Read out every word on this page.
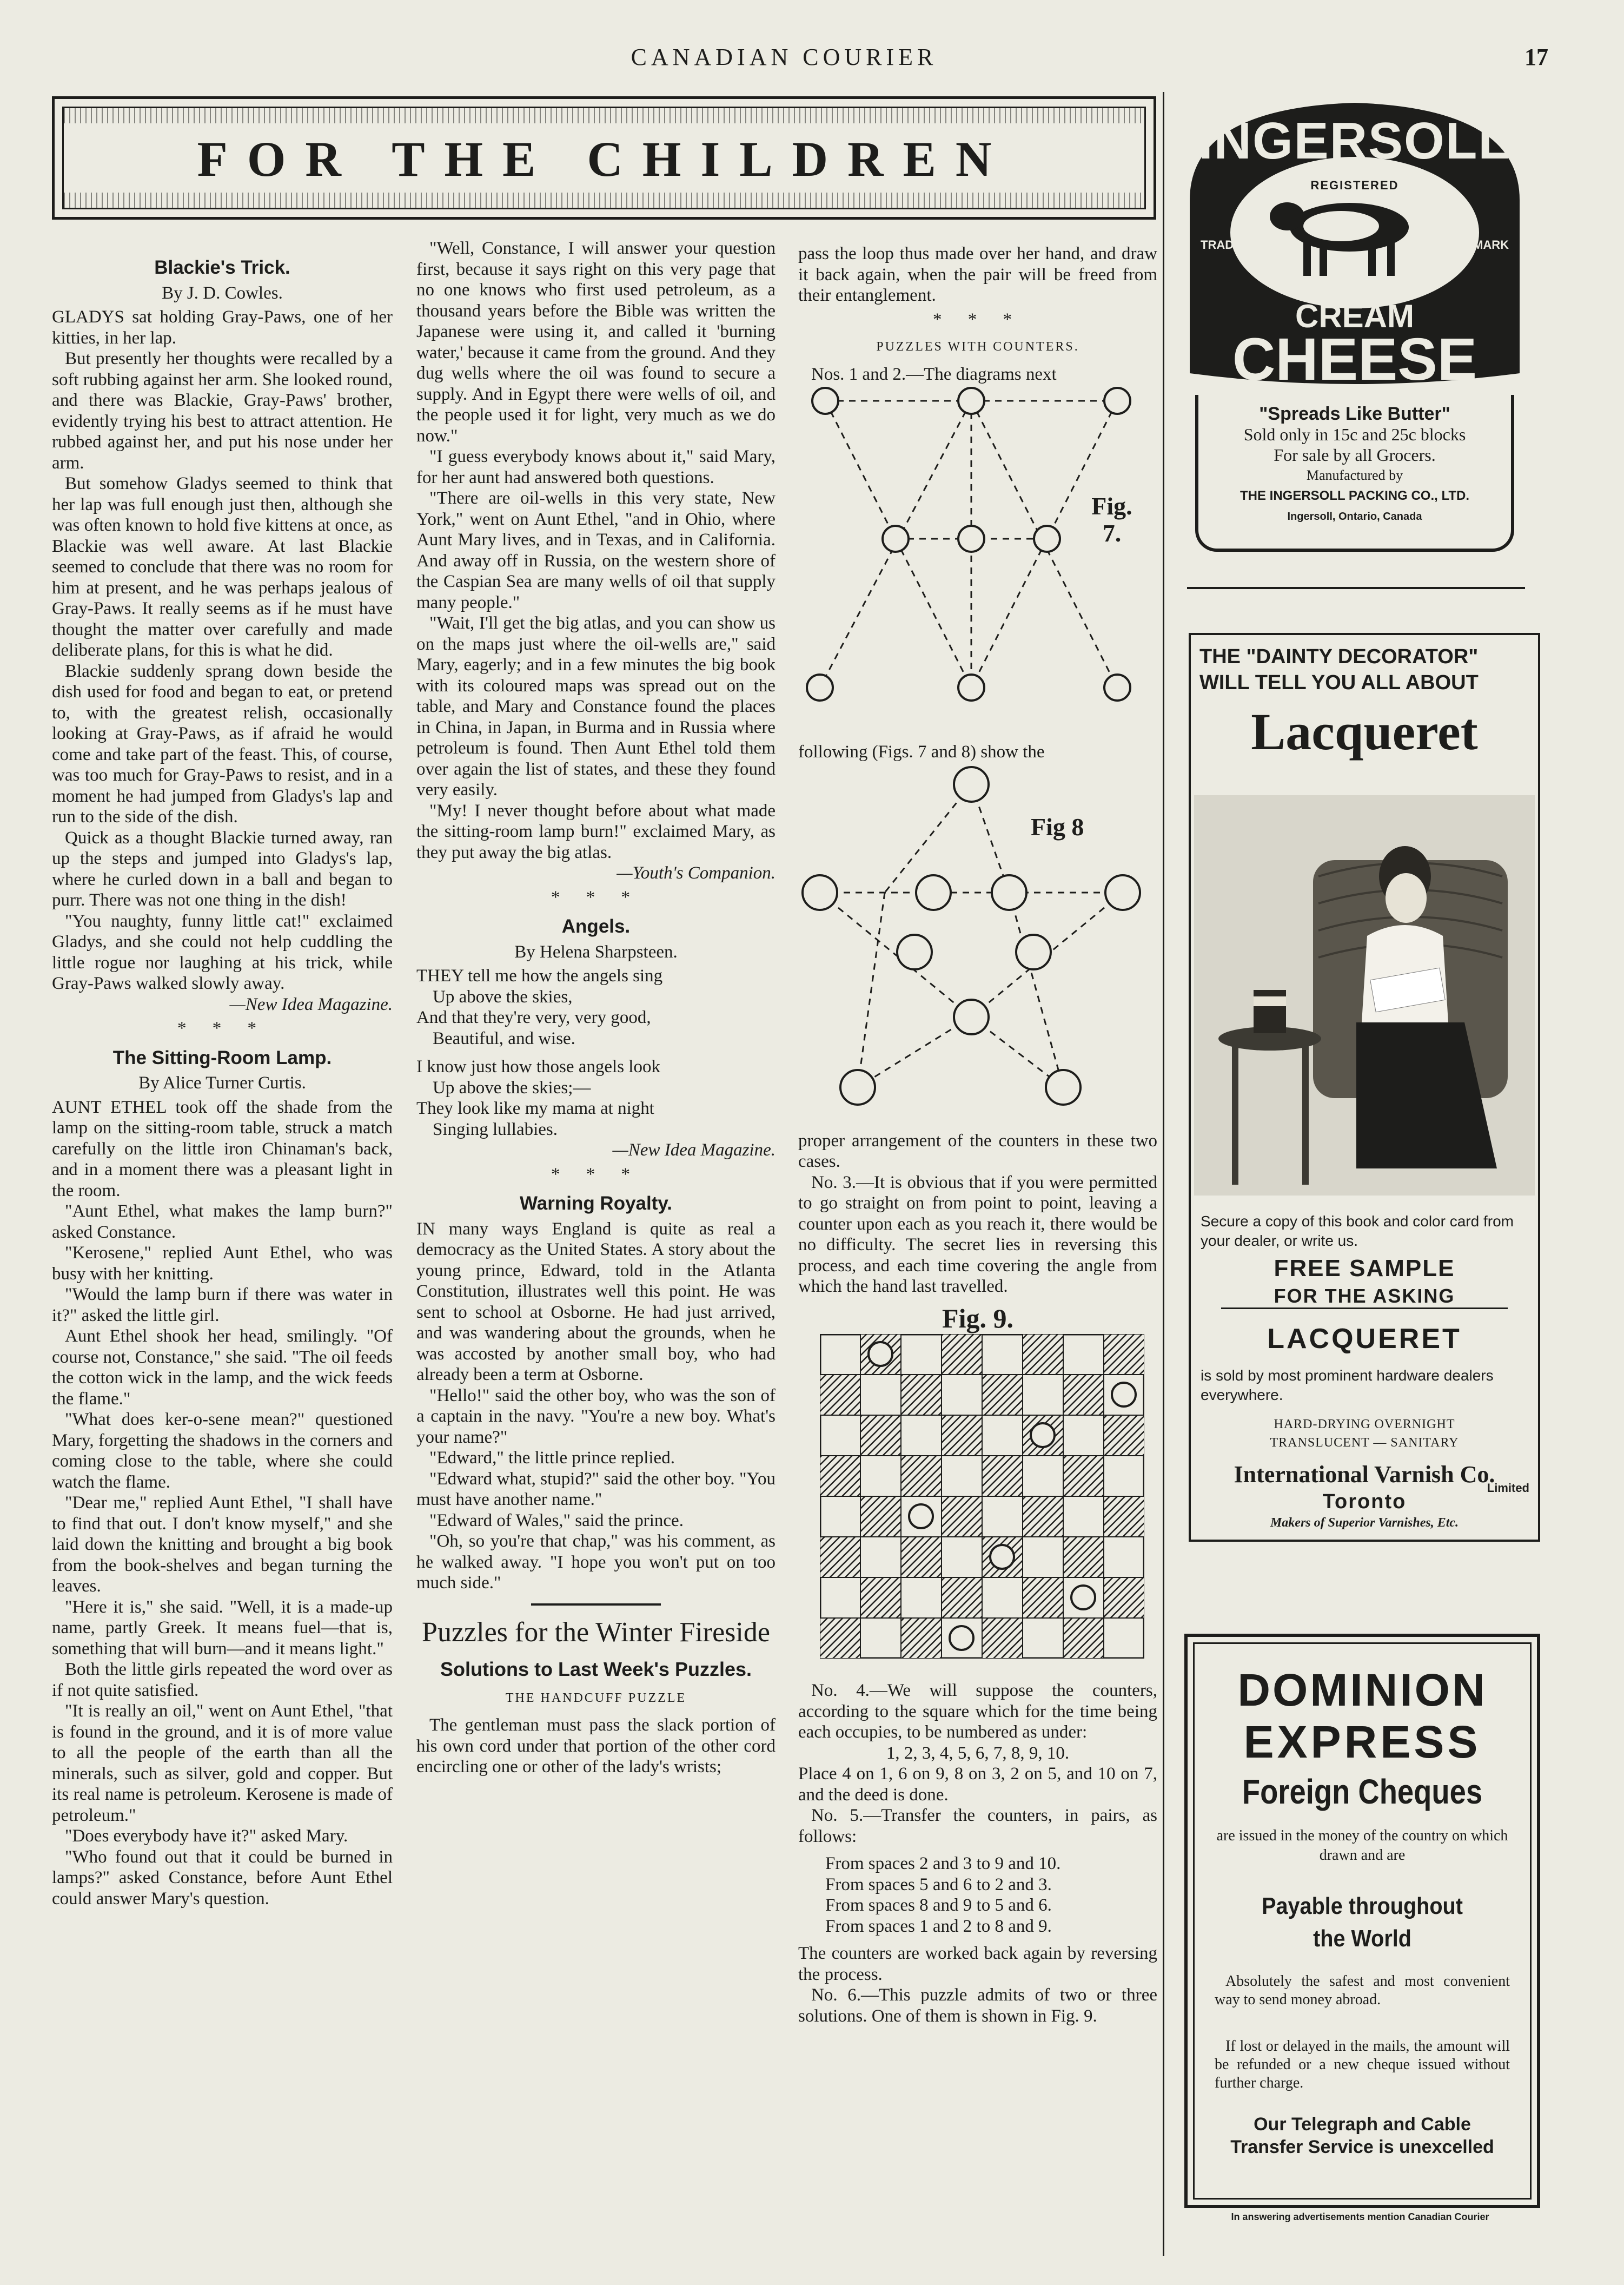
CANADIAN COURIER	17
FOR THE CHILDREN
Blackie's Trick.
By J. D. Cowles.

GLADYS sat holding Gray-Paws, one of her kitties, in her lap.

But presently her thoughts were recalled by a soft rubbing against her arm. She looked round, and there was Blackie, Gray-Paws' brother, evidently trying his best to attract attention. He rubbed against her, and put his nose under her arm.

But somehow Gladys seemed to think that her lap was full enough just then, although she was often known to hold five kittens at once, as Blackie was well aware. At last Blackie seemed to conclude that there was no room for him at present, and he was perhaps jealous of Gray-Paws. It really seems as if he must have thought the matter over carefully and made deliberate plans, for this is what he did.

Blackie suddenly sprang down beside the dish used for food and began to eat, or pretend to, with the greatest relish, occasionally looking at Gray-Paws, as if afraid he would come and take part of the feast. This, of course, was too much for Gray-Paws to resist, and in a moment he had jumped from Gladys's lap and run to the side of the dish.

Quick as a thought Blackie turned away, ran up the steps and jumped into Gladys's lap, where he curled down in a ball and began to purr. There was not one thing in the dish!

"You naughty, funny little cat!" exclaimed Gladys, and she could not help cuddling the little rogue nor laughing at his trick, while Gray-Paws walked slowly away.

—New Idea Magazine.
* * *
The Sitting-Room Lamp.
By Alice Turner Curtis.

AUNT ETHEL took off the shade from the lamp on the sitting-room table, struck a match carefully on the little iron Chinaman's back, and in a moment there was a pleasant light in the room.

"Aunt Ethel, what makes the lamp burn?" asked Constance.

"Kerosene," replied Aunt Ethel, who was busy with her knitting.

"Would the lamp burn if there was water in it?" asked the little girl.

Aunt Ethel shook her head, smilingly. "Of course not, Constance," she said. "The oil feeds the cotton wick in the lamp, and the wick feeds the flame."

"What does ker-o-sene mean?" questioned Mary, forgetting the shadows in the corners and coming close to the table, where she could watch the flame.

"Dear me," replied Aunt Ethel, "I shall have to find that out. I don't know myself," and she laid down the knitting and brought a big book from the book-shelves and began turning the leaves.

"Here it is," she said. "Well, it is a made-up name, partly Greek. It means fuel—that is, something that will burn—and it means light."

Both the little girls repeated the word over as if not quite satisfied.

"It is really an oil," went on Aunt Ethel, "that is found in the ground, and it is of more value to all the people of the earth than all the minerals, such as silver, gold and copper. But its real name is petroleum. Kerosene is made of petroleum."

"Does everybody have it?" asked Mary.

"Who found out that it could be burned in lamps?" asked Constance, before Aunt Ethel could answer Mary's question.

"Well, Constance, I will answer your question first, because it says right on this very page that no one knows who first used petroleum, as a thousand years before the Bible was written the Japanese were using it, and called it 'burning water,' because it came from the ground. And they dug wells where the oil was found to secure a supply. And in Egypt there were wells of oil, and the people used it for light, very much as we do now."

"I guess everybody knows about it," said Mary, for her aunt had answered both questions.

"There are oil-wells in this very state, New York," went on Aunt Ethel, "and in Ohio, where Aunt Mary lives, and in Texas, and in California. And away off in Russia, on the western shore of the Caspian Sea are many wells of oil that supply many people."

"Wait, I'll get the big atlas, and you can show us on the maps just where the oil-wells are," said Mary, eagerly; and in a few minutes the big book with its coloured maps was spread out on the table, and Mary and Constance found the places in China, in Japan, in Burma and in Russia where petroleum is found. Then Aunt Ethel told them over again the list of states, and these they found very easily.

"My! I never thought before about what made the sitting-room lamp burn!" exclaimed Mary, as they put away the big atlas.

—Youth's Companion.
* * *
Angels.
By Helena Sharpsteen.
THEY tell me how the angels sing
Up above the skies,
And that they're very, very good,
Beautiful, and wise.
I know just how those angels look
Up above the skies;—
They look like my mama at night
Singing lullabies.
—New Idea Magazine.
* * *
Warning Royalty.

IN many ways England is quite as real a democracy as the United States. A story about the young prince, Edward, told in the Atlanta Constitution, illustrates well this point. He was sent to school at Osborne. He had just arrived, and was wandering about the grounds, when he was accosted by another small boy, who had already been a term at Osborne.

"Hello!" said the other boy, who was the son of a captain in the navy. "You're a new boy. What's your name?"

"Edward," the little prince replied.

"Edward what, stupid?" said the other boy. "You must have another name."

"Edward of Wales," said the prince.

"Oh, so you're that chap," was his comment, as he walked away. "I hope you won't put on too much side."

Puzzles for the Winter Fireside
Solutions to Last Week's Puzzles.
THE HANDCUFF PUZZLE

The gentleman must pass the slack portion of his own cord under that portion of the other cord encircling one or other of the lady's wrists;

pass the loop thus made over her hand, and draw it back again, when the pair will be freed from their entanglement.

* * *
PUZZLES WITH COUNTERS.

Nos. 1 and 2.—The diagrams next

Fig. 7.

following (Figs. 7 and 8) show the

Fig 8

proper arrangement of the counters in these two cases.

No. 3.—It is obvious that if you were permitted to go straight on from point to point, leaving a counter upon each as you reach it, there would be no difficulty. The secret lies in reversing this process, and each time covering the angle from which the hand last travelled.

Fig. 9.

No. 4.—We will suppose the counters, according to the square which for the time being each occupies, to be numbered as under:

1, 2, 3, 4, 5, 6, 7, 8, 9, 10.

Place 4 on 1, 6 on 9, 8 on 3, 2 on 5, and 10 on 7, and the deed is done.

No. 5.—Transfer the counters, in pairs, as follows:

From spaces 2 and 3 to 9 and 10.
From spaces 5 and 6 to 2 and 3.
From spaces 8 and 9 to 5 and 6.
From spaces 1 and 2 to 8 and 9.

The counters are worked back again by reversing the process.

No. 6.—This puzzle admits of two or three solutions. One of them is shown in Fig. 9.

INGERSOLL
REGISTERED
TRADE	MARK
CREAM
CHEESE
"Spreads Like Butter"
Sold only in 15c and 25c blocks
For sale by all Grocers.
Manufactured by
THE INGERSOLL PACKING CO., LTD.
Ingersoll, Ontario, Canada
THE "DAINTY DECORATOR"
WILL TELL YOU ALL ABOUT
Lacqueret
Secure a copy of this book and color card from your dealer, or write us.
FREE SAMPLE
FOR THE ASKING
LACQUERET
is sold by most prominent hardware dealers everywhere.
HARD-DRYING OVERNIGHT
TRANSLUCENT — SANITARY
International Varnish Co.
Toronto
Limited
Makers of Superior Varnishes, Etc.
DOMINION
EXPRESS
Foreign Cheques
are issued in the money of the country on which drawn and are
Payable throughout
the World
Absolutely the safest and most convenient way to send money abroad.
If lost or delayed in the mails, the amount will be refunded or a new cheque issued without further charge.
Our Telegraph and Cable Transfer Service is unexcelled
In answering advertisements mention Canadian Courier
